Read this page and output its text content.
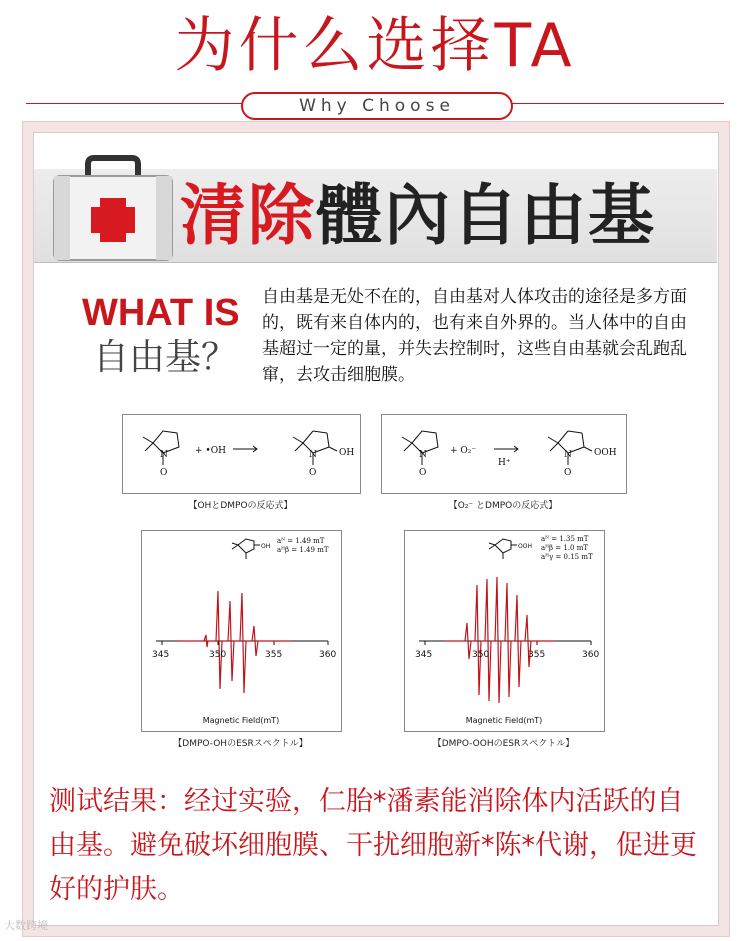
为什么选择TA
Why Choose
清除體內自由基
WHAT IS
自由基？
自由基是无处不在的，自由基对人体攻击的途径是多方面的，既有来自体内的，也有来自外界的。当人体中的自由基超过一定的量，并失去控制时，这些自由基就会乱跑乱窜，去攻击细胞膜。
N
O
+ •OH	N
O
OH
【OHとDMPOの反応式】
N
O
+ O₂⁻
H⁺
N
O
OOH
【O₂⁻ とDMPOの反応式】
OH
aᴺ = 1.49 mT
aᴴβ = 1.49 mT
345	350	355	360
Magnetic Field(mT)
【DMPO-OHのESRスペクトル】
OOH
aᴺ = 1.35 mT
aᴴβ = 1.0 mT
aᴴγ = 0.15 mT
345	350	355	360
Magnetic Field(mT)
【DMPO-OOHのESRスペクトル】
测试结果：经过实验，仁胎*潘素能消除体内活跃的自由基。避免破坏细胞膜、干扰细胞新*陈*代谢，促进更好的护肤。
大数跨境
